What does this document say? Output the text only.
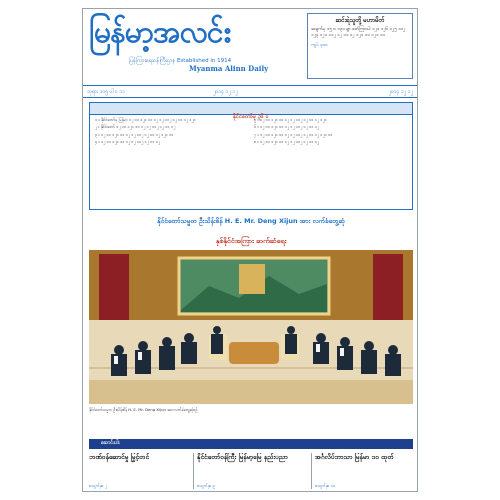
မြန်မာ့အလင်း
ပြန်ကြားရေးဝန်ကြီးဌာန Established in 1914
Myanma Alinn Daily
ဆင်းရဲသူတို့ မဟာမိတ်
အချက်မှ ၁၅ ဝ ၁၃၁ ရွာ ဖတ်ကြားပါ ၁၂၁ ၁၂၆ ၁၂၅ ၁၁၂ ၁၂၃ ၁၂၁ ၁၁၂ ၁၂ ၁၁ ၁၂ ၁၂၁ ၁၁ ၁၂၁ ၁၁
ကျပ် ၃၀၀
ဘုရား ၁၀၅ ပါ ဝ ၁၁	၂၀၁၄ ၁၂ ၁၂	၂၀၁၄ ၁၂ ၁၂
နိုင်ငံတော်မှ ၃၆ ဝ

၁ ။ နိုင်ငံတော်မှ မြန်မာ ၁၂ ၁၁ ၁၂၁ ၁၁ ၁၂ ၁၂ ၁၁၂ ၁၂ ၁၁ ၁၂ ၁၂၁

၂ ။ နိုင်ငံတော် ၁၂ ၁၁ ၁၂၁ ၁၁ ၁၂ ၁၂ ၁၁၂ ၁၂ ၁၁ ၁၂

၃ ။ ၁၂ ၁၁ ၁၂၁ ၁၁ ၁၂ ၁၂ ၁၁၂ ၁၂ ၁၁ ၁၂ ၁၂၁ ၁၁

၄ ။ ၁၂ ၁၁ ၁၂၁ ၁၁ ၁၂ ၁၂ ၁၁၂ ၁၂ ၁၁ ၁၂

၅ ။ ၁၂ ၁၁ ၁၂၁ ၁၁ ၁၂ ၁၂ ၁၁၂ ၁၂ ၁၁ ၁၂ ၁၂၁

၆ ။ ၁၂ ၁၁ ၁၂၁ ၁၁ ၁၂ ၁၂ ၁၁၂ ၁၂ ၁၁ ၁၂

၇ ။ ၁၂ ၁၁ ၁၂၁ ၁၁ ၁၂ ၁၂ ၁၁၂ ၁၂ ၁၁ ၁၂ ၁၂၁ ၁၁

၈ ။ ၁၂ ၁၁ ၁၂၁ ၁၁ ၁၂ ၁၂ ၁၁၂ ၁၂ ၁၁ ၁၂

နိုင်ငံတော်သမ္မတ ဦးသိန်းစိန် H. E. Mr. Deng Xijun အား လက်ခံတွေ့ဆုံ
နှစ်နိုင်ငံအကြား ဆက်ဆံရေး
နိုင်ငံတော်သမ္မတ ဦးသိန်းစိန် H. E. Mr. Deng Xijun အား လက်ခံတွေ့ဆုံစဉ်
ဆောင်းပါး
ဘဏ်ဝန်ဆောင်မှု မြှင့်တင်
စာမျက်နှာ ၂
နိုင်ငံတော်ဝန်ကြီး မြန်မာ့မြေ နည်းပညာ
စာမျက်နှာ ၉
အင်္ဂလိပ်ဘာသာ မြန်မာ ၁၀ ထုတ်
စာမျက်နှာ ၁၀
